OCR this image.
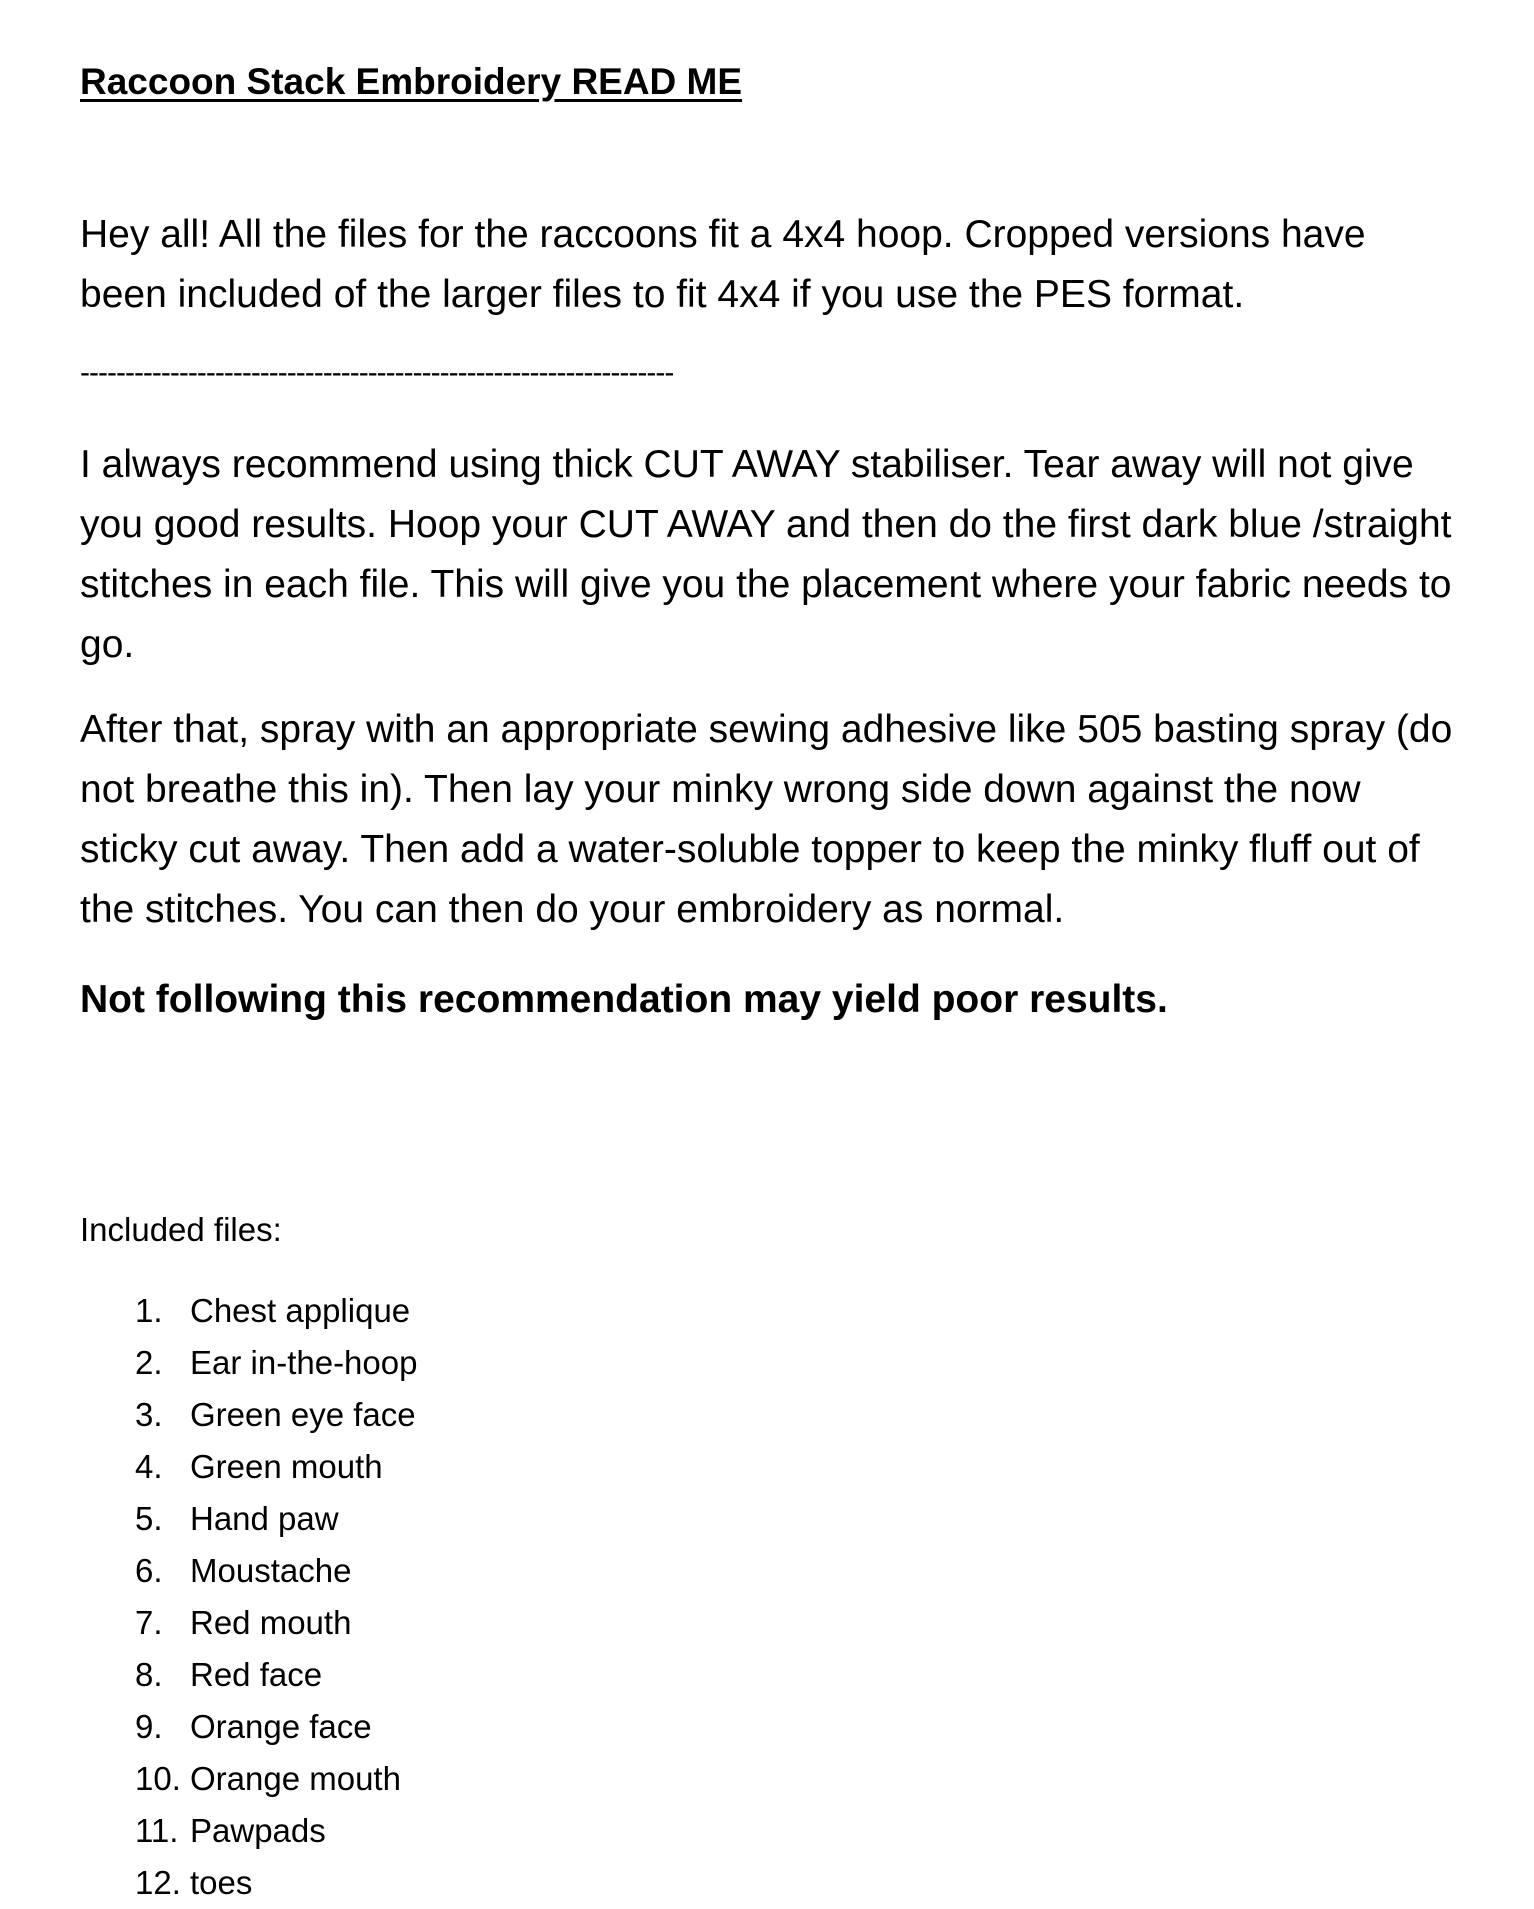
Raccoon Stack Embroidery READ ME

Hey all! All the files for the raccoons fit a 4x4 hoop. Cropped versions have been included of the larger files to fit 4x4 if you use the PES format.

------------------------------------------------------------------

I always recommend using thick CUT AWAY stabiliser. Tear away will not give you good results. Hoop your CUT AWAY and then do the first dark blue /straight stitches in each file. This will give you the placement where your fabric needs to go.

After that, spray with an appropriate sewing adhesive like 505 basting spray (do not breathe this in). Then lay your minky wrong side down against the now sticky cut away. Then add a water-soluble topper to keep the minky fluff out of the stitches. You can then do your embroidery as normal.

Not following this recommendation may yield poor results.

Included files:

1. Chest applique
2. Ear in-the-hoop
3. Green eye face
4. Green mouth
5. Hand paw
6. Moustache
7. Red mouth
8. Red face
9. Orange face
10. Orange mouth
11. Pawpads
12. toes
